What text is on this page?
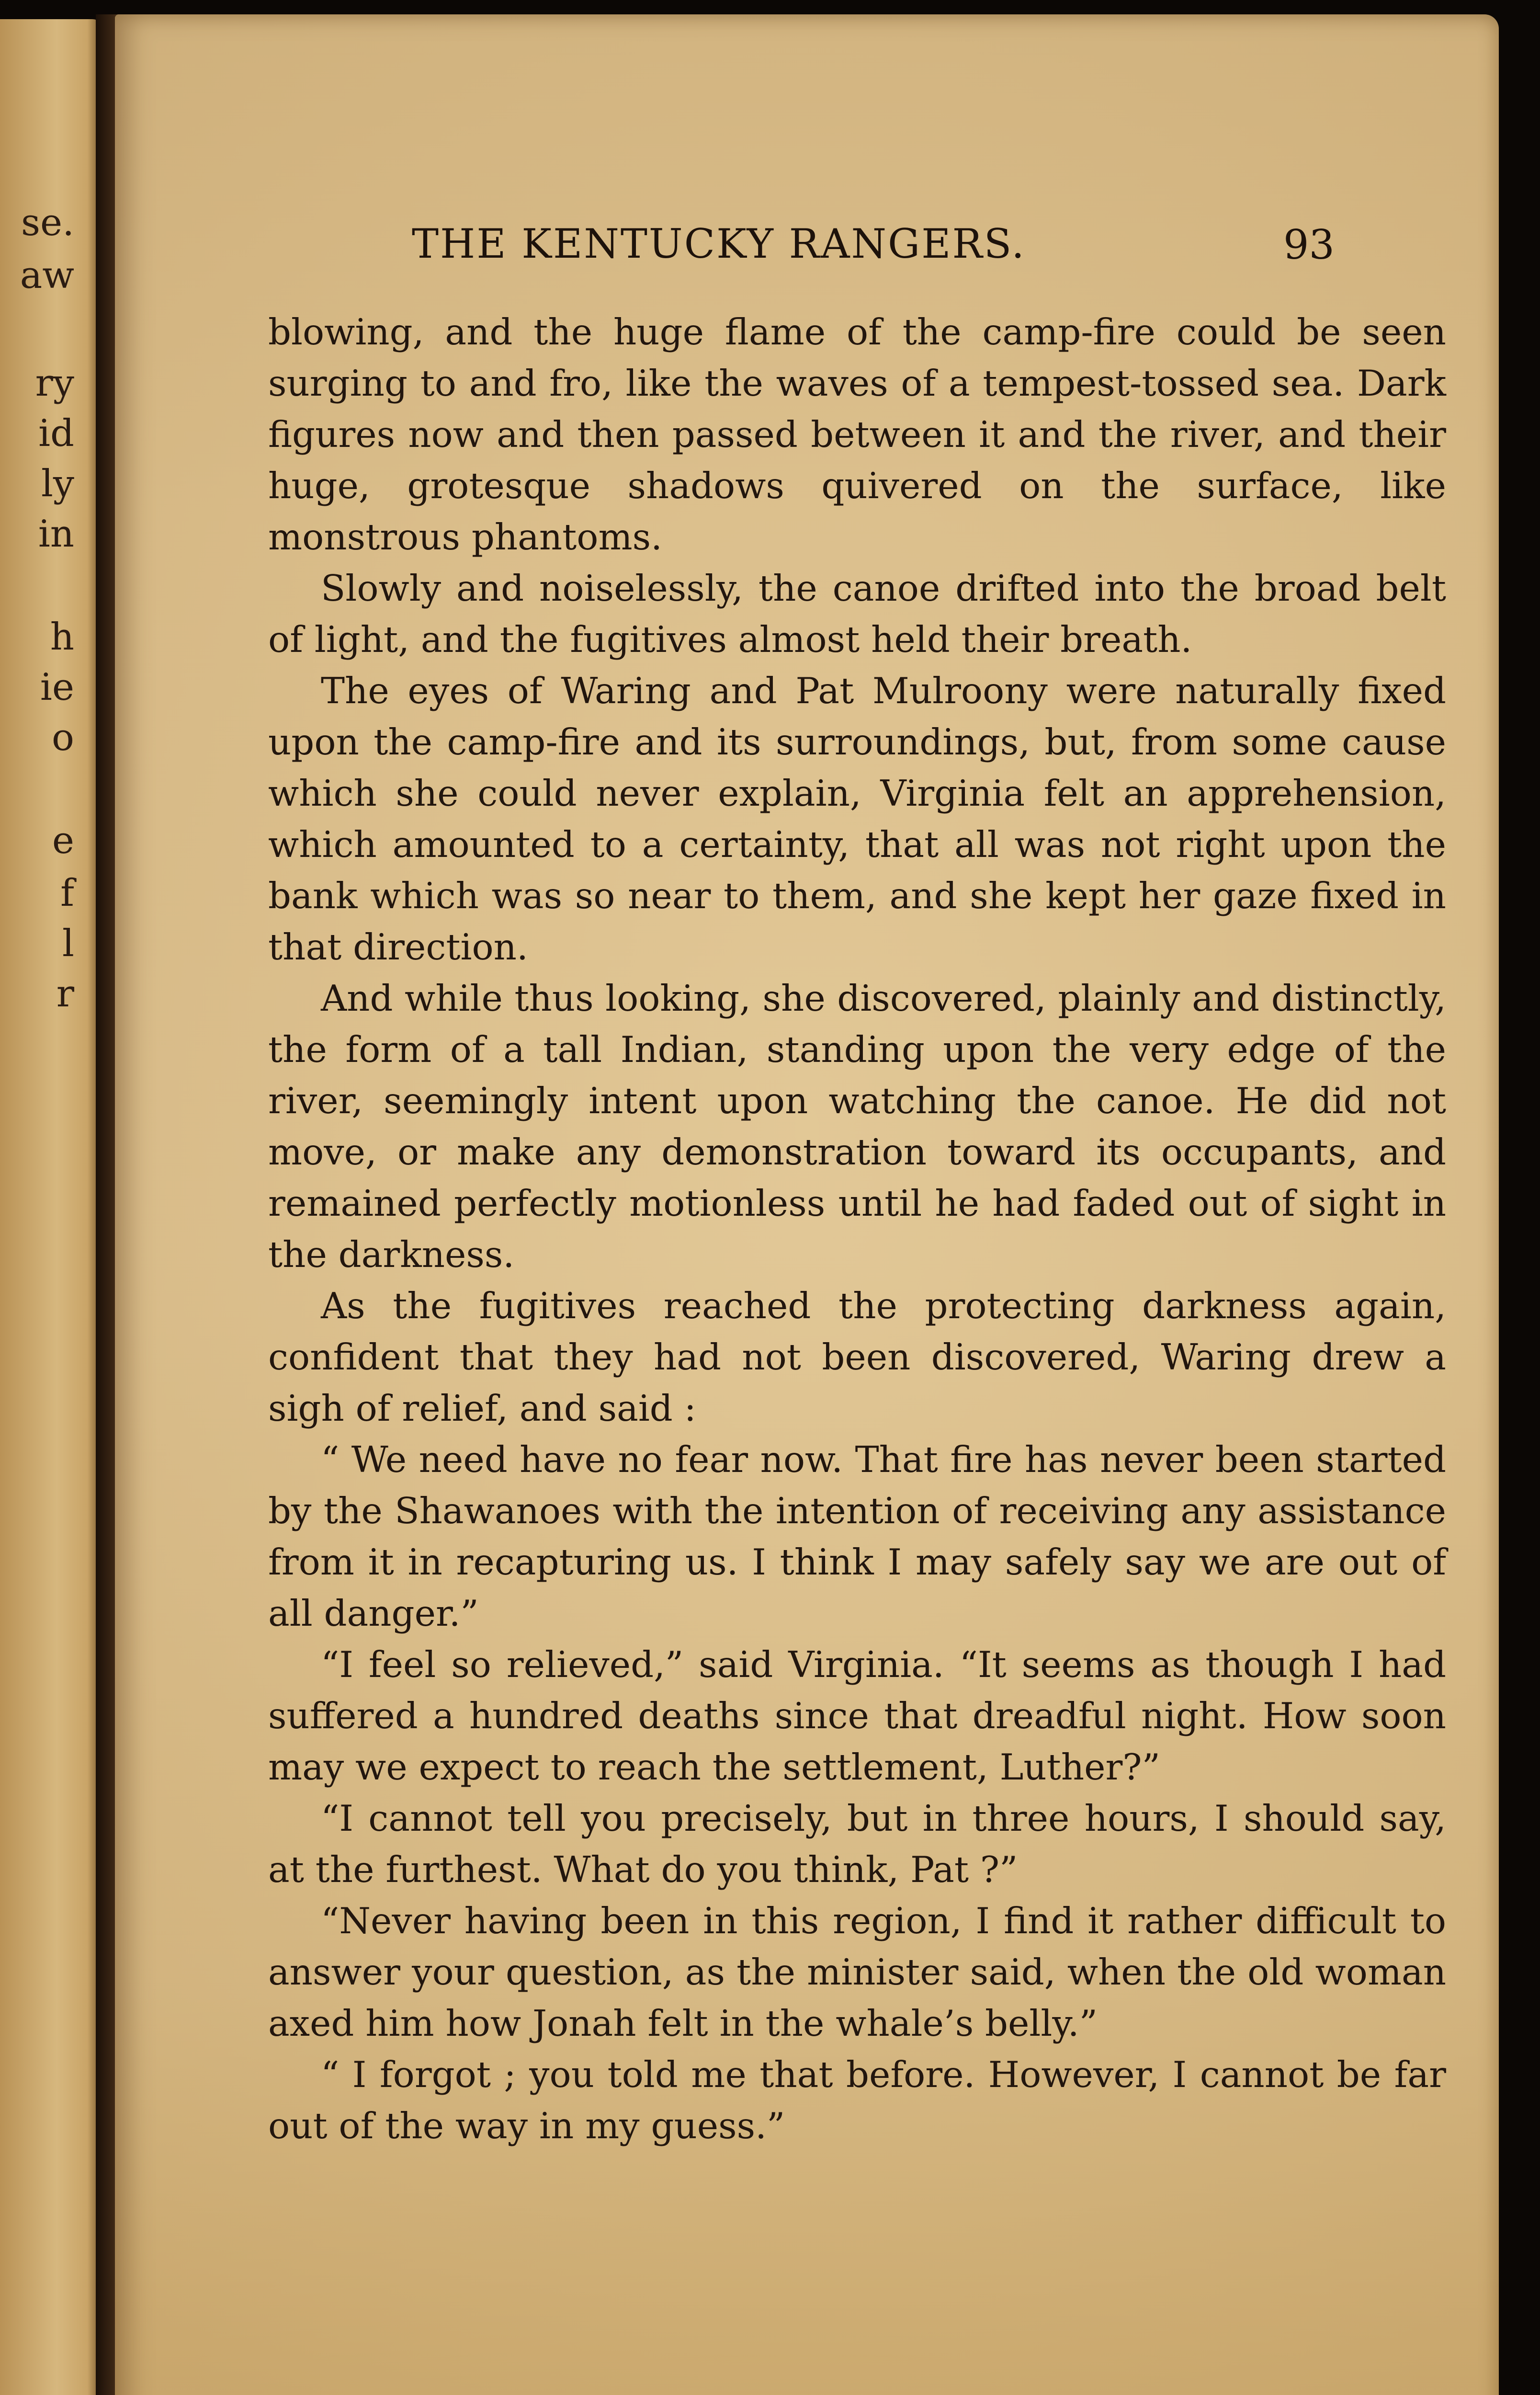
se.
aw
ry
id
ly
in
h
ie
o
e
f
l
r
THE KENTUCKY RANGERS.	93

blowing, and the huge flame of the camp-fire could be seen surging to and fro, like the waves of a tempest-tossed sea. Dark figures now and then passed between it and the river, and their huge, grotesque shadows quivered on the surface, like monstrous phantoms.

Slowly and noiselessly, the canoe drifted into the broad belt of light, and the fugitives almost held their breath.

The eyes of Waring and Pat Mulroony were naturally fixed upon the camp-fire and its surroundings, but, from some cause which she could never explain, Virginia felt an apprehension, which amounted to a certainty, that all was not right upon the bank which was so near to them, and she kept her gaze fixed in that direction.

And while thus looking, she discovered, plainly and distinctly, the form of a tall Indian, standing upon the very edge of the river, seemingly intent upon watching the canoe. He did not move, or make any demonstration toward its occupants, and remained perfectly motionless until he had faded out of sight in the darkness.

As the fugitives reached the protecting darkness again, confident that they had not been discovered, Waring drew a sigh of relief, and said :

“ We need have no fear now. That fire has never been started by the Shawanoes with the intention of receiving any assistance from it in recapturing us. I think I may safely say we are out of all danger.”

“I feel so relieved,” said Virginia. “It seems as though I had suffered a hundred deaths since that dreadful night. How soon may we expect to reach the settlement, Luther?”

“I cannot tell you precisely, but in three hours, I should say, at the furthest. What do you think, Pat ?”

“Never having been in this region, I find it rather difficult to answer your question, as the minister said, when the old woman axed him how Jonah felt in the whale’s belly.”

“ I forgot ; you told me that before. However, I cannot be far out of the way in my guess.”
